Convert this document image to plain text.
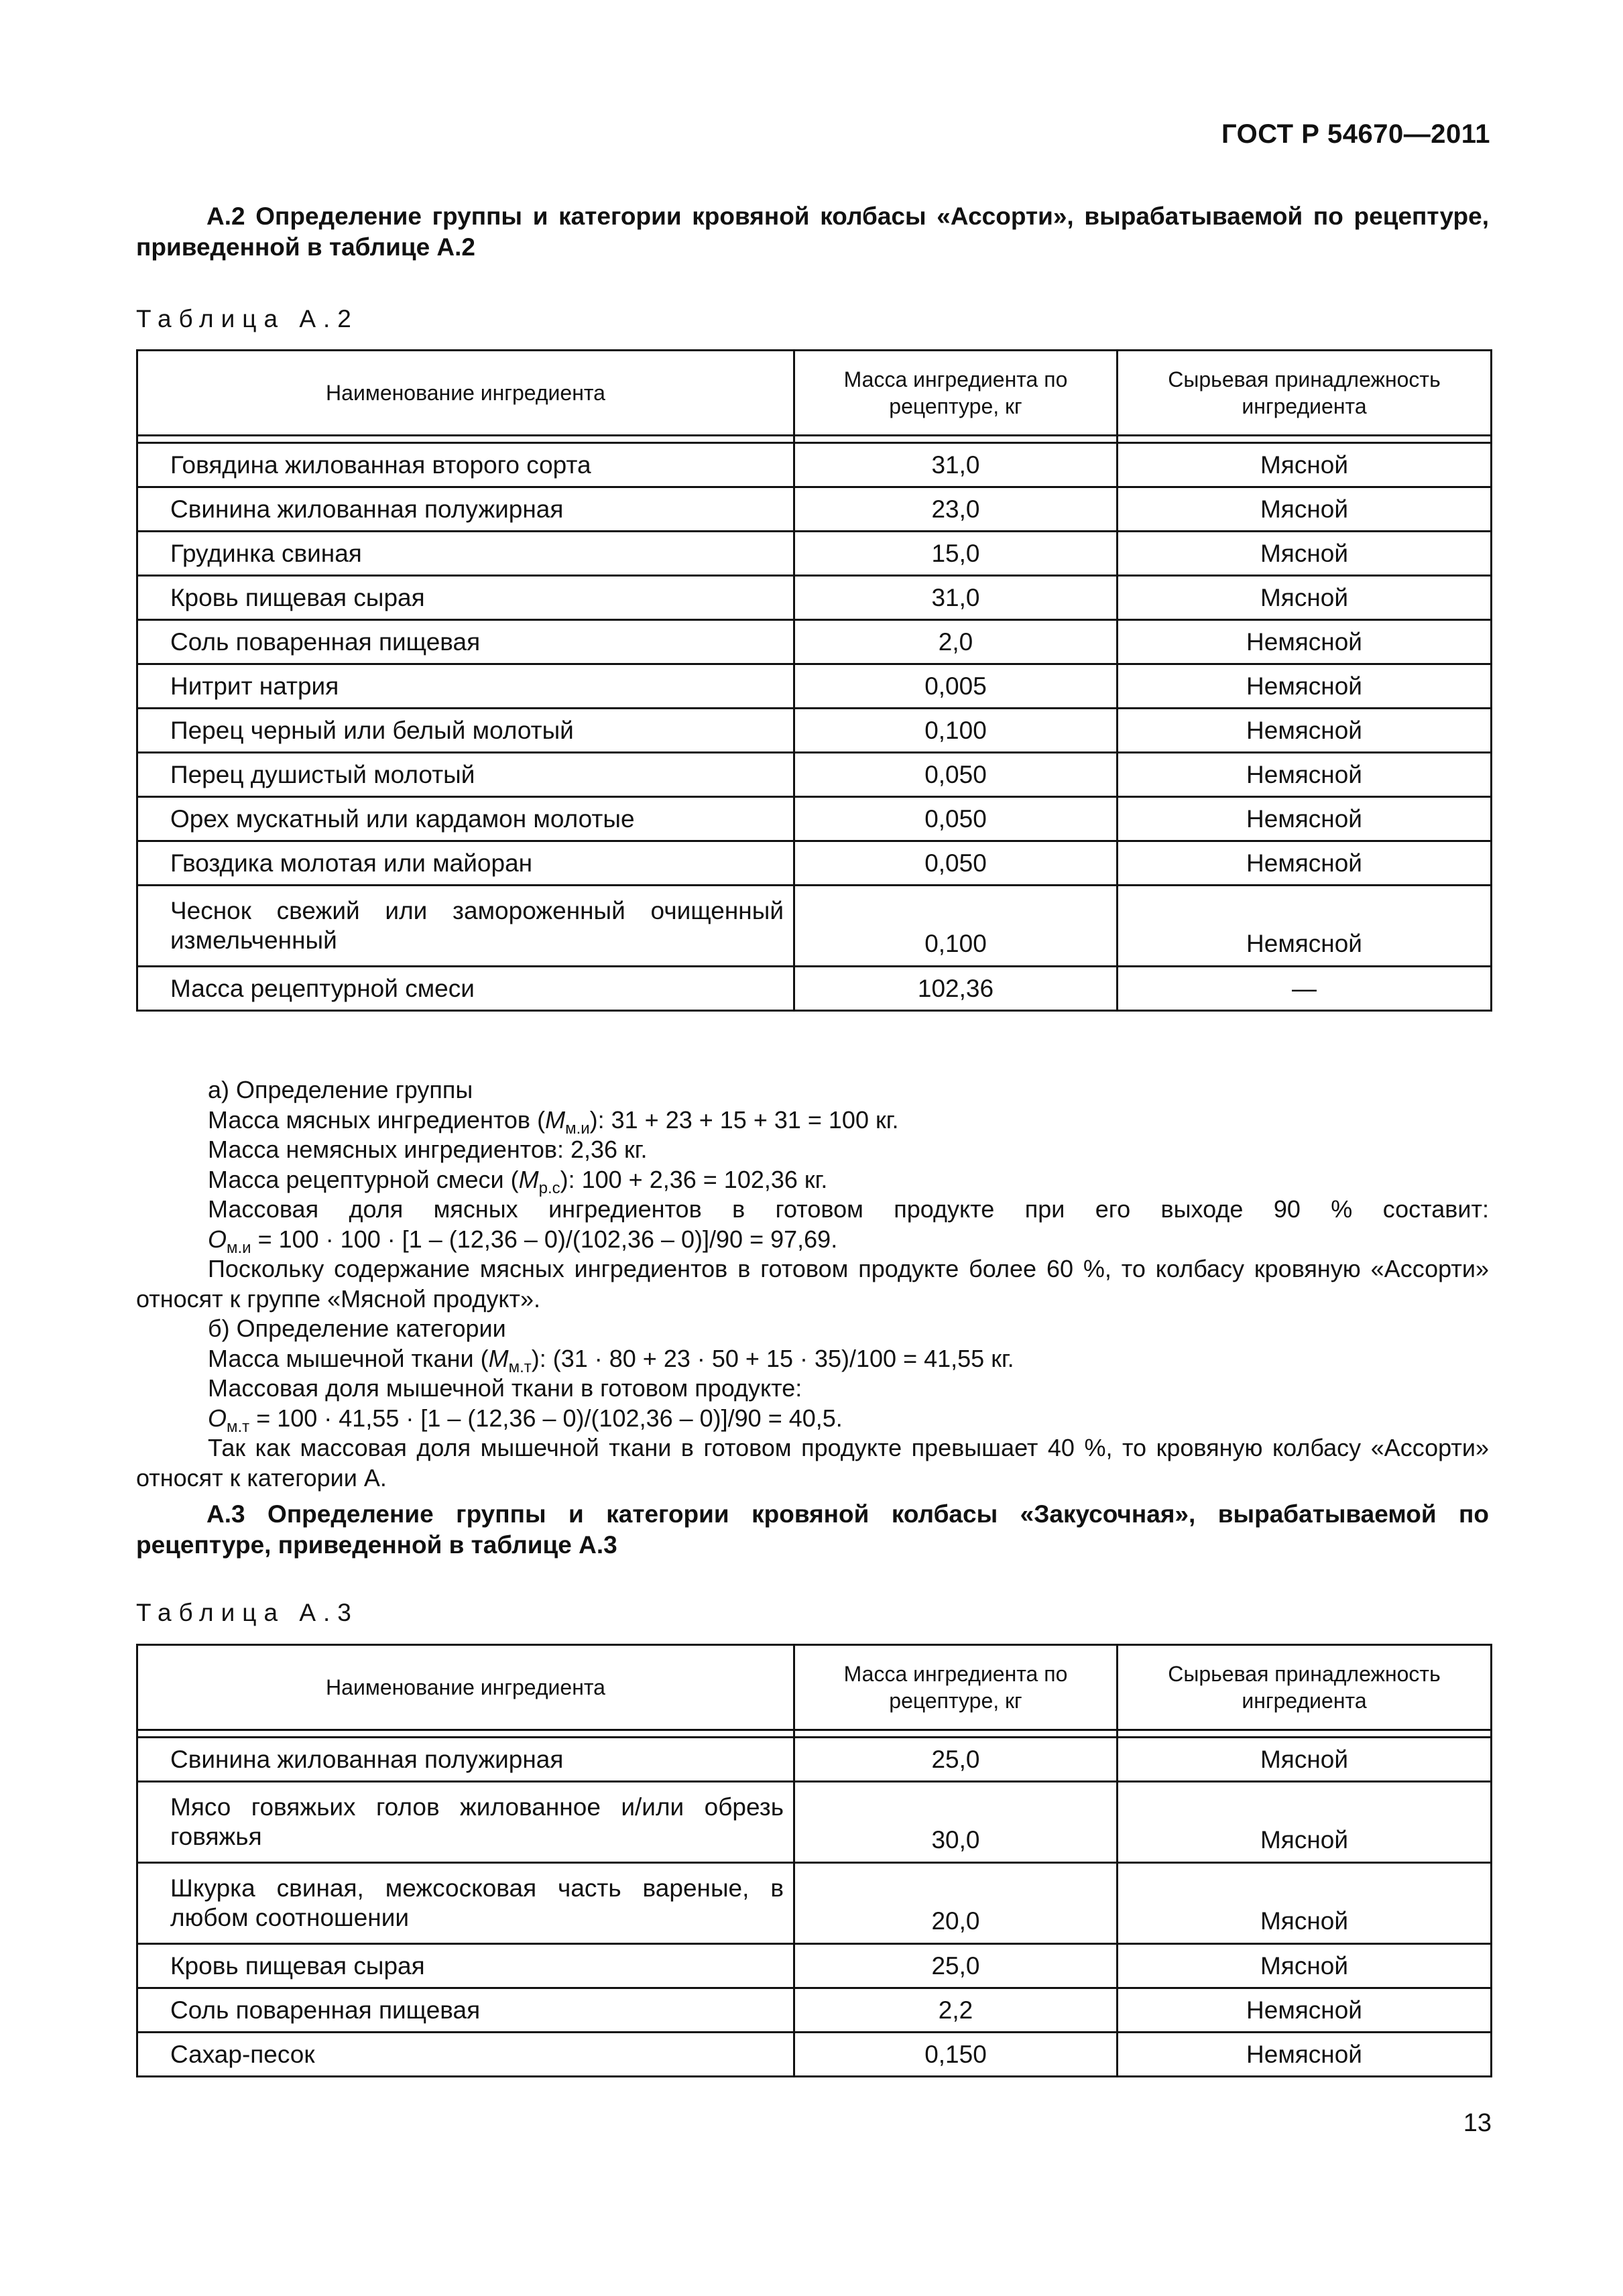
ГОСТ Р 54670—2011
А.2 Определение группы и категории кровяной колбасы «Ассорти», вырабатываемой по рецептуре, приведенной в таблице А.2
Таблица А.2
Наименование ингредиента	Масса ингредиента по рецептуре, кг	Сырьевая принадлежность ингредиента

Говядина жилованная второго сорта	31,0	Мясной
Свинина жилованная полужирная	23,0	Мясной
Грудинка свиная	15,0	Мясной
Кровь пищевая сырая	31,0	Мясной
Соль поваренная пищевая	2,0	Немясной
Нитрит натрия	0,005	Немясной
Перец черный или белый молотый	0,100	Немясной
Перец душистый молотый	0,050	Немясной
Орех мускатный или кардамон молотые	0,050	Немясной
Гвоздика молотая или майоран	0,050	Немясной
Чеснок свежий или замороженный очищенный измельченный	0,100	Немясной
Масса рецептурной смеси	102,36	—

а) Определение группы

Масса мясных ингредиентов $(M_{м.и})$: 31 + 23 + 15 + 31 = 100 кг.

Масса немясных ингредиентов: 2,36 кг.

Масса рецептурной смеси $(M_{р.с})$: 100 + 2,36 = 102,36 кг.

Массовая доля мясных ингредиентов в готовом продукте при его выходе 90 % составит:

$O_{м.и} = 100 \cdot 100 \cdot [1 - (12,36 - 0)/(102,36 - 0)]/90 = 97,69$.

Поскольку содержание мясных ингредиентов в готовом продукте более 60 %, то колбасу кровяную «Ассорти» относят к группе «Мясной продукт».

б) Определение категории

Масса мышечной ткани $(M_{м.т})$: (31 · 80 + 23 · 50 + 15 · 35)/100 = 41,55 кг.

Массовая доля мышечной ткани в готовом продукте:

$O_{м.т} = 100 \cdot 41,55 \cdot [1 - (12,36 - 0)/(102,36 - 0)]/90 = 40,5$.

Так как массовая доля мышечной ткани в готовом продукте превышает 40 %, то кровяную колбасу «Ассорти» относят к категории А.

А.3 Определение группы и категории кровяной колбасы «Закусочная», вырабатываемой по рецептуре, приведенной в таблице А.3
Таблица А.3
Наименование ингредиента	Масса ингредиента по рецептуре, кг	Сырьевая принадлежность ингредиента

Свинина жилованная полужирная	25,0	Мясной
Мясо говяжьих голов жилованное и/или обрезь говяжья	30,0	Мясной
Шкурка свиная, межсосковая часть вареные, в любом соотношении	20,0	Мясной
Кровь пищевая сырая	25,0	Мясной
Соль поваренная пищевая	2,2	Немясной
Сахар-песок	0,150	Немясной
13
